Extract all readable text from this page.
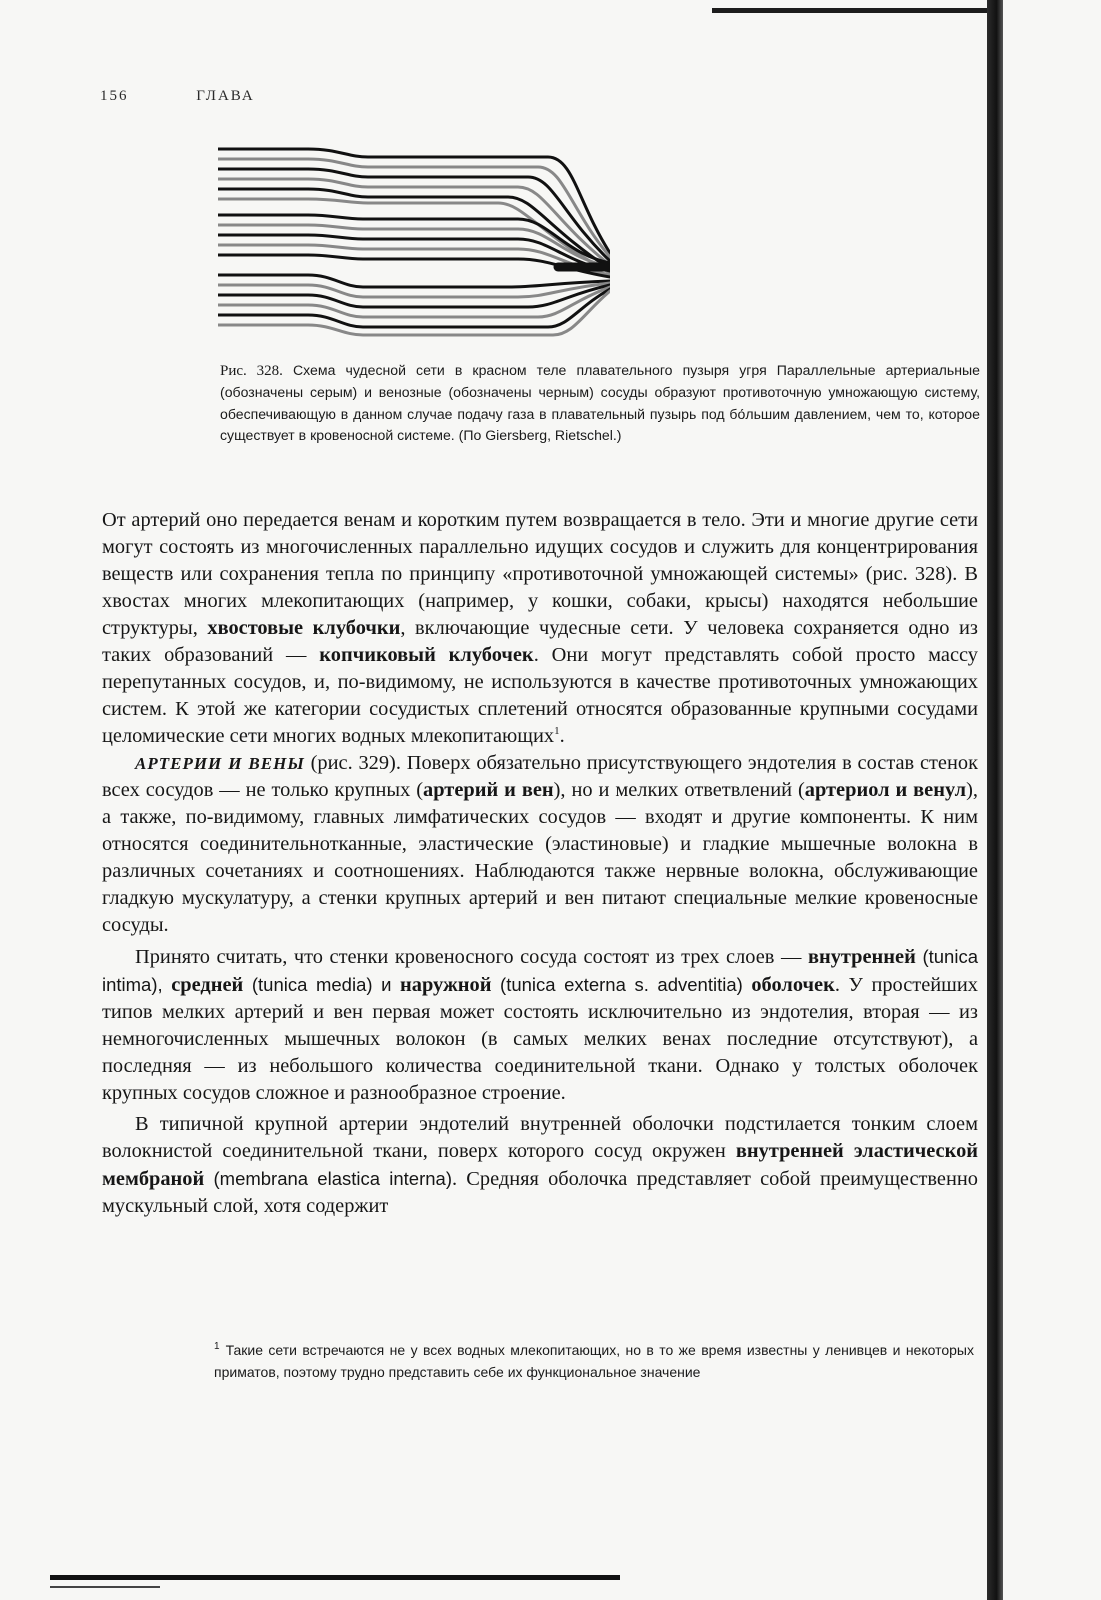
156	ГЛАВА
Рис. 328. Схема чудесной сети в красном теле плавательного пузыря угря Параллельные артериальные (обозначены серым) и венозные (обозначены черным) сосуды образуют противоточную умножающую систему, обеспечивающую в данном случае подачу газа в плавательный пузырь под бо́льшим давлением, чем то, которое существует в кровеносной системе. (По Giersberg, Rietschel.)

От артерий оно передается венам и коротким путем возвращается в тело. Эти и многие другие сети могут состоять из многочисленных параллельно идущих сосудов и служить для концентрирования веществ или сохранения тепла по принципу «противоточной умножающей системы» (рис. 328). В хвостах многих млекопитающих (например, у кошки, собаки, крысы) находятся небольшие структуры, хвостовые клубочки, включающие чудесные сети. У человека сохраняется одно из таких образований — копчиковый клубочек. Они могут представлять собой просто массу перепутанных сосудов, и, по-видимому, не используются в качестве противоточных умножающих систем. К этой же категории сосудистых сплетений относятся образованные крупными сосудами целомические сети многих водных млекопитающих$^1$.

АРТЕРИИ И ВЕНЫ (рис. 329). Поверх обязательно присутствующего эндотелия в состав стенок всех сосудов — не только крупных (артерий и вен), но и мелких ответвлений (артериол и венул), а также, по-видимому, главных лимфатических сосудов — входят и другие компоненты. К ним относятся соединительнотканные, эластические (эластиновые) и гладкие мышечные волокна в различных сочетаниях и соотношениях. Наблюдаются также нервные волокна, обслуживающие гладкую мускулатуру, а стенки крупных артерий и вен питают специальные мелкие кровеносные сосуды.

Принято считать, что стенки кровеносного сосуда состоят из трех слоев — внутренней (tunica intima), средней (tunica media) и наружной (tunica externa s. adventitia) оболочек. У простейших типов мелких артерий и вен первая может состоять исключительно из эндотелия, вторая — из немногочисленных мышечных волокон (в самых мелких венах последние отсутствуют), а последняя — из небольшого количества соединительной ткани. Однако у толстых оболочек крупных сосудов сложное и разнообразное строение.

В типичной крупной артерии эндотелий внутренней оболочки подстилается тонким слоем волокнистой соединительной ткани, поверх которого сосуд окружен внутренней эластической мембраной (membrana elastica interna). Средняя оболочка представляет собой преимущественно мускульный слой, хотя содержит

$^1$ Такие сети встречаются не у всех водных млекопитающих, но в то же время известны у ленивцев и некоторых приматов, поэтому трудно представить себе их функциональное значение
